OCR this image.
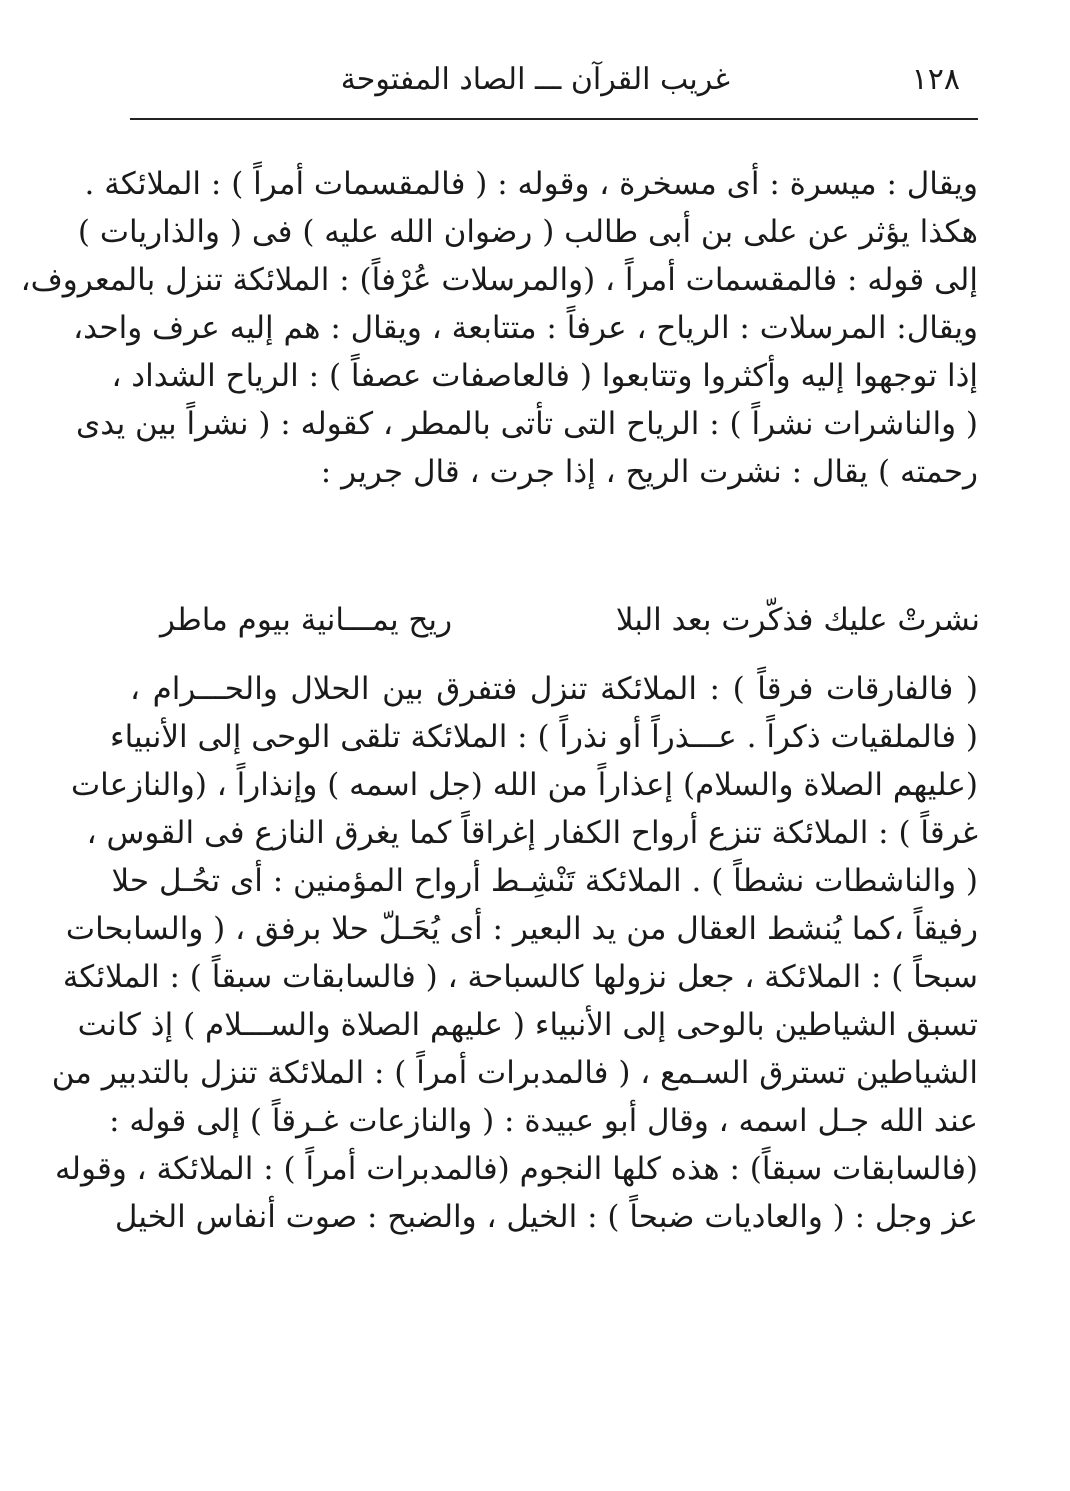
١٢٨
غريب القرآن ـــ الصاد المفتوحة
ويقال : ميسرة : أى مسخرة ، وقوله : ( فالمقسمات أمراً ) : الملائكة .
هكذا يؤثر عن على بن أبى طالب ( رضوان الله عليه ) فى ( والذاريات )
إلى قوله : فالمقسمات أمراً ، (والمرسلات عُرْفاً) : الملائكة تنزل بالمعروف،
ويقال: المرسلات : الرياح ، عرفاً : متتابعة ، ويقال : هم إليه عرف واحد،
إذا توجهوا إليه وأكثروا وتتابعوا ( فالعاصفات عصفاً ) : الرياح الشداد ،
( والناشرات نشراً ) : الرياح التى تأتى بالمطر ، كقوله : ( نشراً بين يدى
رحمته ) يقال : نشرت الريح ، إذا جرت ، قال جرير :
نشرتْ عليك فذكّرت بعد البلا
ريح يمـــانية بيوم ماطر
( فالفارقات فرقاً ) : الملائكة تنزل فتفرق بين الحلال والحـــرام ،
( فالملقيات ذكراً . عـــذراً أو نذراً ) : الملائكة تلقى الوحى إلى الأنبياء
(عليهم الصلاة والسلام) إعذاراً من الله (جل اسمه ) وإنذاراً ، (والنازعات
غرقاً ) : الملائكة تنزع أرواح الكفار إغراقاً كما يغرق النازع فى القوس ،
( والناشطات نشطاً ) . الملائكة تَنْشِـط أرواح المؤمنين : أى تحُـل حلا
رفيقاً ،كما يُنشط العقال من يد البعير : أى يُحَـلّ حلا برفق ، ( والسابحات
سبحاً ) : الملائكة ، جعل نزولها كالسباحة ، ( فالسابقات سبقاً ) : الملائكة
تسبق الشياطين بالوحى إلى الأنبياء ( عليهم الصلاة والســـلام ) إذ كانت
الشياطين تسترق السـمع ، ( فالمدبرات أمراً ) : الملائكة تنزل بالتدبير من
عند الله جـل اسمه ، وقال أبو عبيدة : ( والنازعات غـرقاً ) إلى قوله :
(فالسابقات سبقاً) : هذه كلها النجوم (فالمدبرات أمراً ) : الملائكة ، وقوله
عز وجل : ( والعاديات ضبحاً ) : الخيل ، والضبح : صوت أنفاس الخيل
